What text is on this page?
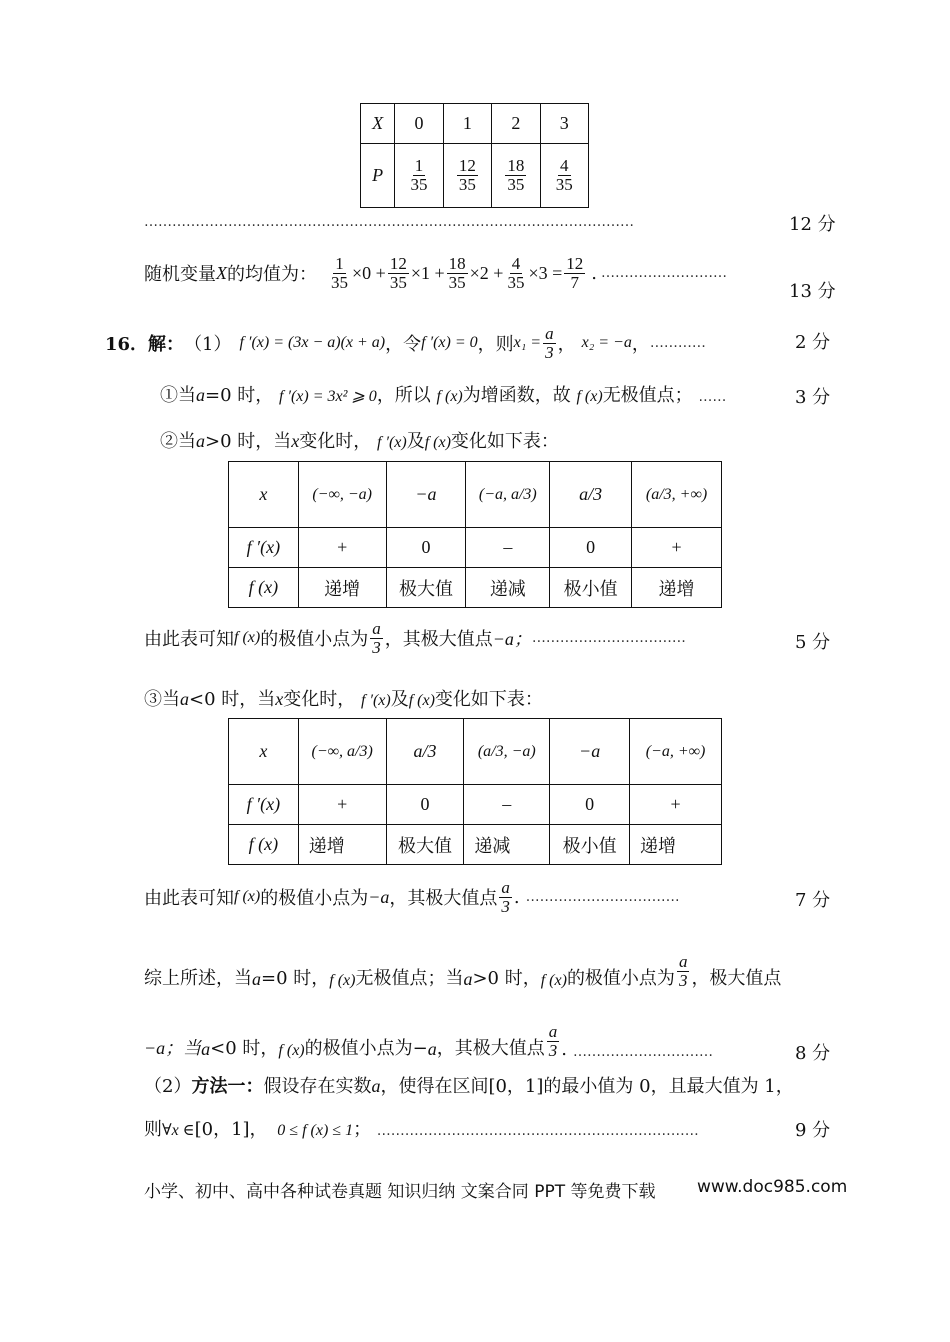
X	0	1	2	3
P	$\frac{1}{35}$	$\frac{12}{35}$	$\frac{18}{35}$	$\frac{4}{35}$
……………………………………………………………………………………………	12 分
随机变量 X 的均值为： $\frac{1}{35} \times 0 + \frac{12}{35} \times 1 + \frac{18}{35} \times 2 + \frac{4}{35} \times 3 = \frac{12}{7}$ . ………………………
13 分
16．解： （1） f ′(x) = (3x − a)(x + a) ，令 f ′(x) = 0 ，则 $x_1 = \frac{a}{3}$ ， x₂ = −a ， …………	2 分
①当a=0 时， f ′(x) = 3x² ⩾ 0，所以 f (x)为增函数，故 f (x)无极值点； ……	3 分
②当a>0 时，当x变化时， f ′(x)及f (x)变化如下表：
x	(−∞, −a)	−a	(−a, a/3)	a/3	(a/3, +∞)
f ′(x)	+	0	–	0	+
f (x)	递增	极大值	递减	极小值	递增
由此表可知 f (x) 的极值小点为 $\frac{a}{3}$ ，其极大值点 −a； ……………………………	5 分
③当a<0 时，当x变化时， f ′(x)及f (x)变化如下表：
x	(−∞, a/3)	a/3	(a/3, −a)	−a	(−a, +∞)
f ′(x)	+	0	–	0	+
f (x)	递增	极大值	递减	极小值	递增
由此表可知 f (x) 的极值小点为 −a ，其极大值点 $\frac{a}{3}$ . ……………………………	7 分
综上所述，当 a =0 时， f (x) 无极值点；当 a >0 时， f (x) 的极值小点为 $\frac{a}{3}$ ，极大值点
−a；当 a <0 时， f (x) 的极值小点为− a ，其极大值点 $\frac{a}{3}$ . …………………………	8 分
（2）方法一：假设存在实数a，使得在区间[0，1]的最小值为 0，且最大值为 1，
则∀x ∈[0，1]， 0 ≤ f (x) ≤ 1； ……………………………………………………………	9 分
小学、初中、高中各种试卷真题 知识归纳 文案合同 PPT 等免费下载 www.doc985.com
